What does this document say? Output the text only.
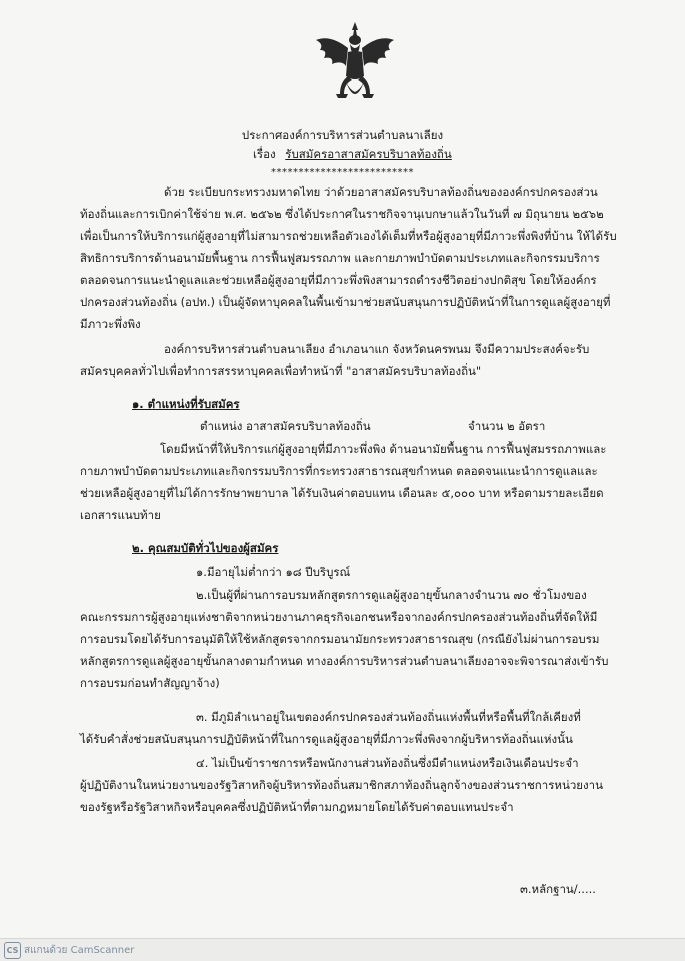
ประกาศองค์การบริหารส่วนตำบลนาเลียง
เรื่อง รับสมัครอาสาสมัครบริบาลท้องถิ่น
**************************
ด้วย ระเบียบกระทรวงมหาดไทย ว่าด้วยอาสาสมัครบริบาลท้องถิ่นขององค์กรปกครองส่วน
ท้องถิ่นและการเบิกค่าใช้จ่าย พ.ศ. ๒๕๖๒ ซึ่งได้ประกาศในราชกิจจานุเบกษาแล้วในวันที่ ๗ มิถุนายน ๒๕๖๒
เพื่อเป็นการให้บริการแก่ผู้สูงอายุที่ไม่สามารถช่วยเหลือตัวเองได้เต็มที่หรือผู้สูงอายุที่มีภาวะพึ่งพิงที่บ้าน ให้ได้รับ
สิทธิการบริการด้านอนามัยพื้นฐาน การฟื้นฟูสมรรถภาพ และกายภาพบำบัดตามประเภทและกิจกรรมบริการ
ตลอดจนการแนะนำดูแลและช่วยเหลือผู้สูงอายุที่มีภาวะพึ่งพิงสามารถดำรงชีวิตอย่างปกติสุข โดยให้องค์กร
ปกครองส่วนท้องถิ่น (อปท.) เป็นผู้จัดหาบุคคลในพื้นเข้ามาช่วยสนับสนุนการปฏิบัติหน้าที่ในการดูแลผู้สูงอายุที่
มีภาวะพึ่งพิง
องค์การบริหารส่วนตำบลนาเลียง อำเภอนาแก จังหวัดนครพนม จึงมีความประสงค์จะรับ
สมัครบุคคลทั่วไปเพื่อทำการสรรหาบุคคลเพื่อทำหน้าที่ "อาสาสมัครบริบาลท้องถิ่น"
๑. ตำแหน่งที่รับสมัคร
ตำแหน่ง อาสาสมัครบริบาลท้องถิ่น	จำนวน ๒ อัตรา
โดยมีหน้าที่ให้บริการแก่ผู้สูงอายุที่มีภาวะพึ่งพิง ด้านอนามัยพื้นฐาน การฟื้นฟูสมรรถภาพและ
กายภาพบำบัดตามประเภทและกิจกรรมบริการที่กระทรวงสาธารณสุขกำหนด ตลอดจนแนะนำการดูแลและ
ช่วยเหลือผู้สูงอายุที่ไม่ได้การรักษาพยาบาล ได้รับเงินค่าตอบแทน เดือนละ ๕,๐๐๐ บาท หรือตามรายละเอียด
เอกสารแนบท้าย
๒. คุณสมบัติทั่วไปของผู้สมัคร
๑.มีอายุไม่ต่ำกว่า ๑๘ ปีบริบูรณ์
๒.เป็นผู้ที่ผ่านการอบรมหลักสูตรการดูแลผู้สูงอายุขั้นกลางจำนวน ๗๐ ชั่วโมงของ
คณะกรรมการผู้สูงอายุแห่งชาติจากหน่วยงานภาคธุรกิจเอกชนหรือจากองค์กรปกครองส่วนท้องถิ่นที่จัดให้มี
การอบรมโดยได้รับการอนุมัติให้ใช้หลักสูตรจากกรมอนามัยกระทรวงสาธารณสุข (กรณียังไม่ผ่านการอบรม
หลักสูตรการดูแลผู้สูงอายุขั้นกลางตามกำหนด ทางองค์การบริหารส่วนตำบลนาเลียงอาจจะพิจารณาส่งเข้ารับ
การอบรมก่อนทำสัญญาจ้าง)
๓. มีภูมิลำเนาอยู่ในเขตองค์กรปกครองส่วนท้องถิ่นแห่งพื้นที่หรือพื้นที่ใกล้เคียงที่
ได้รับคำสั่งช่วยสนับสนุนการปฏิบัติหน้าที่ในการดูแลผู้สูงอายุที่มีภาวะพึ่งพิงจากผู้บริหารท้องถิ่นแห่งนั้น
๔. ไม่เป็นข้าราชการหรือพนักงานส่วนท้องถิ่นซึ่งมีตำแหน่งหรือเงินเดือนประจำ
ผู้ปฏิบัติงานในหน่วยงานของรัฐวิสาหกิจผู้บริหารท้องถิ่นสมาชิกสภาท้องถิ่นลูกจ้างของส่วนราชการหน่วยงาน
ของรัฐหรือรัฐวิสาหกิจหรือบุคคลซึ่งปฏิบัติหน้าที่ตามกฎหมายโดยได้รับค่าตอบแทนประจำ
๓.หลักฐาน/.....
CS สแกนด้วย CamScanner
